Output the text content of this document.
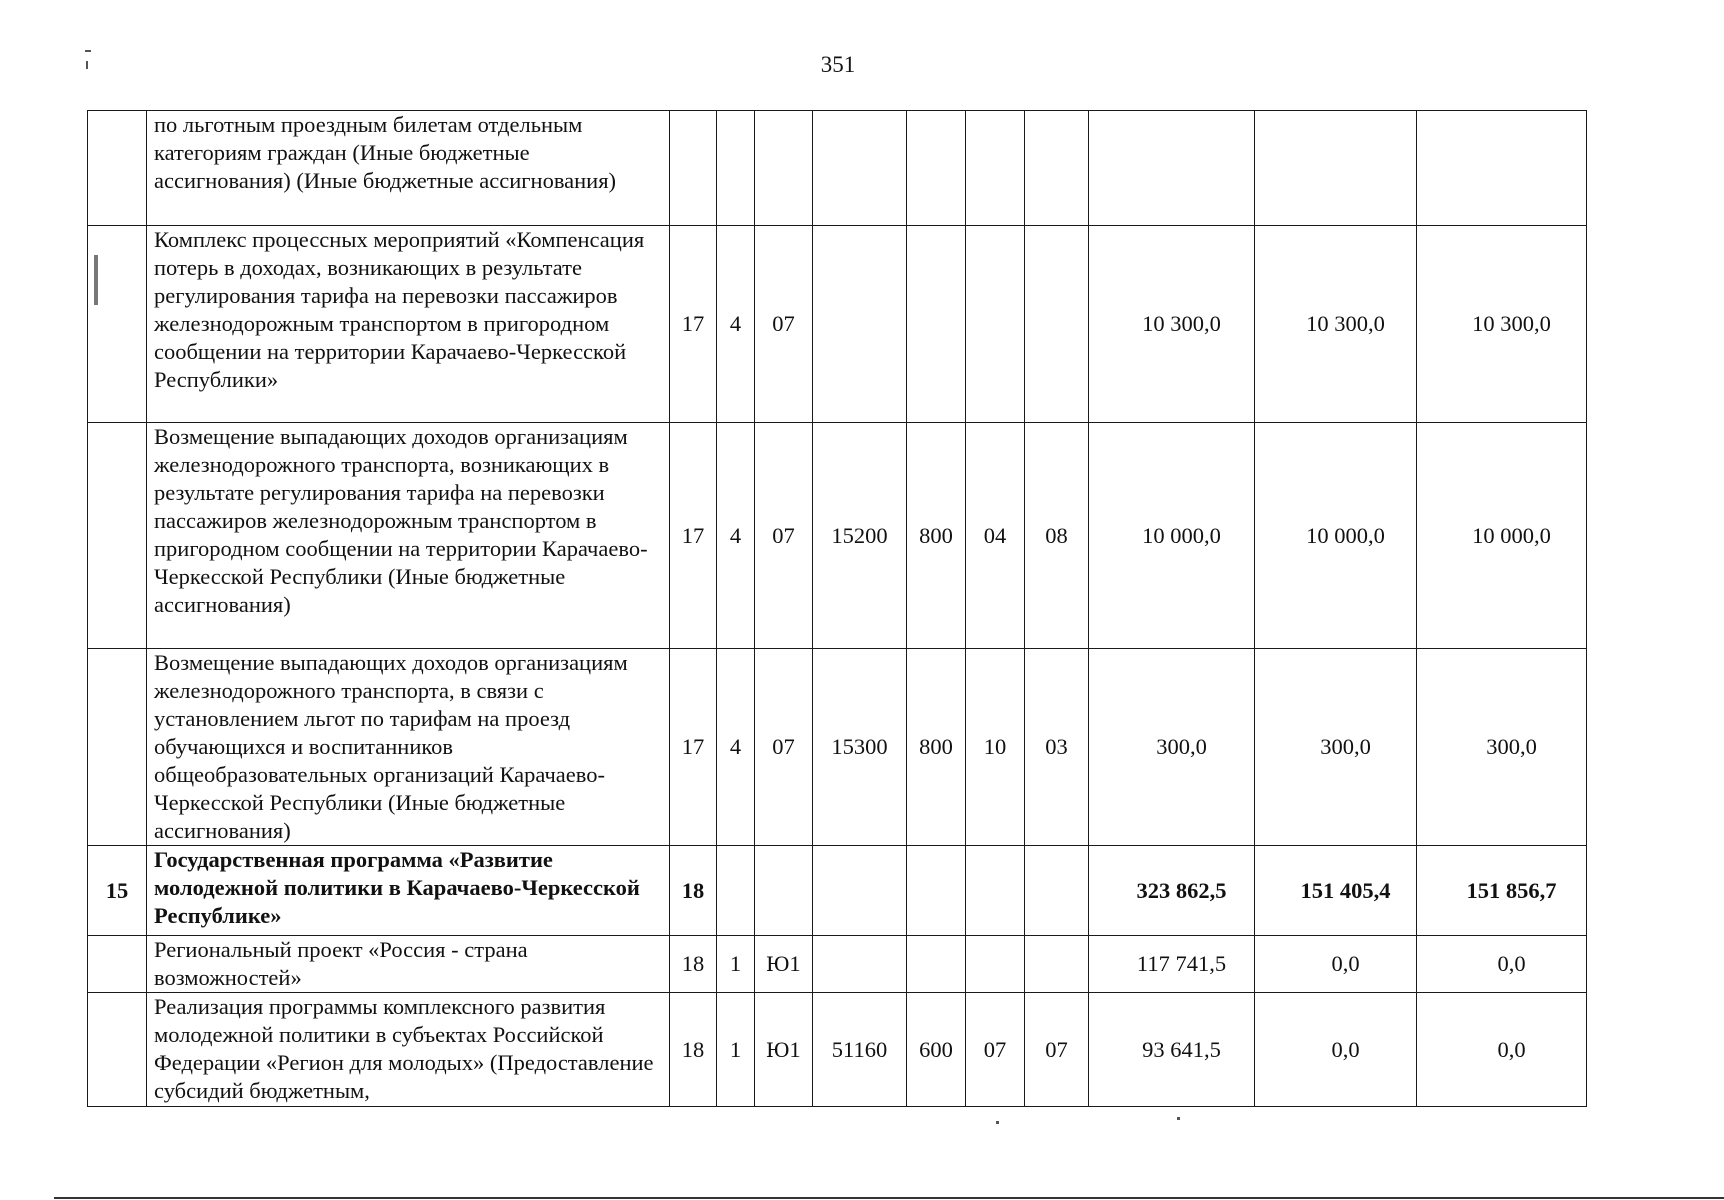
351
	по льготным проездным билетам отдельным категориям граждан (Иные бюджетные ассигнования) (Иные бюджетные ассигнования)										
	Комплекс процессных мероприятий «Компенсация потерь в доходах, возникающих в результате регулирования тарифа на перевозки пассажиров железнодорожным транспортом в пригородном сообщении на территории Карачаево-Черкесской Республики»	17	4	07					10 300,0	10 300,0	10 300,0
	Возмещение выпадающих доходов организациям железнодорожного транспорта, возникающих в результате регулирования тарифа на перевозки пассажиров железнодорожным транспортом в пригородном сообщении на территории Карачаево-Черкесской Республики (Иные бюджетные ассигнования)	17	4	07	15200	800	04	08	10 000,0	10 000,0	10 000,0
	Возмещение выпадающих доходов организациям железнодорожного транспорта, в связи с установлением льгот по тарифам на проезд обучающихся и воспитанников общеобразовательных организаций Карачаево-Черкесской Республики (Иные бюджетные ассигнования)	17	4	07	15300	800	10	03	300,0	300,0	300,0
15	Государственная программа «Развитие молодежной политики в Карачаево-Черкесской Республике»	18							323 862,5	151 405,4	151 856,7
	Региональный проект «Россия - страна возможностей»	18	1	Ю1					117 741,5	0,0	0,0
	Реализация программы комплексного развития молодежной политики в субъектах Российской Федерации «Регион для молодых» (Предоставление субсидий бюджетным,	18	1	Ю1	51160	600	07	07	93 641,5	0,0	0,0
